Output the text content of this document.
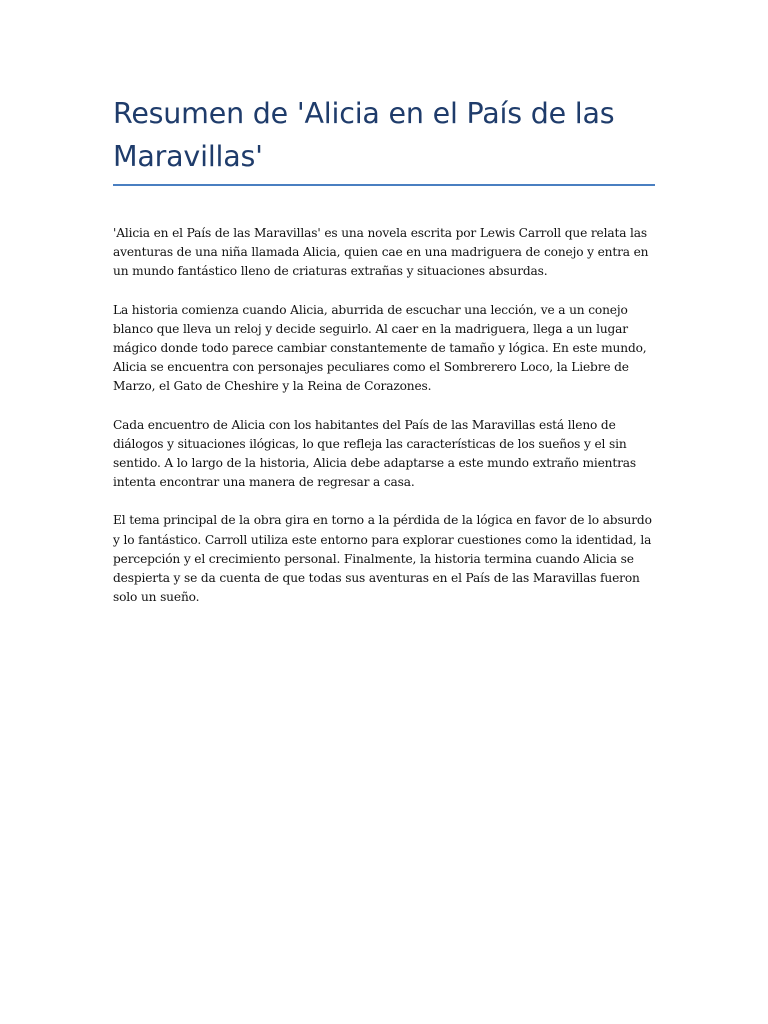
Resumen de 'Alicia en el País de las Maravillas'

'Alicia en el País de las Maravillas' es una novela escrita por Lewis Carroll que relata las aventuras de una niña llamada Alicia, quien cae en una madriguera de conejo y entra en un mundo fantástico lleno de criaturas extrañas y situaciones absurdas.

La historia comienza cuando Alicia, aburrida de escuchar una lección, ve a un conejo blanco que lleva un reloj y decide seguirlo. Al caer en la madriguera, llega a un lugar mágico donde todo parece cambiar constantemente de tamaño y lógica. En este mundo, Alicia se encuentra con personajes peculiares como el Sombrerero Loco, la Liebre de Marzo, el Gato de Cheshire y la Reina de Corazones.

Cada encuentro de Alicia con los habitantes del País de las Maravillas está lleno de diálogos y situaciones ilógicas, lo que refleja las características de los sueños y el sin sentido. A lo largo de la historia, Alicia debe adaptarse a este mundo extraño mientras intenta encontrar una manera de regresar a casa.

El tema principal de la obra gira en torno a la pérdida de la lógica en favor de lo absurdo y lo fantástico. Carroll utiliza este entorno para explorar cuestiones como la identidad, la percepción y el crecimiento personal. Finalmente, la historia termina cuando Alicia se despierta y se da cuenta de que todas sus aventuras en el País de las Maravillas fueron solo un sueño.
